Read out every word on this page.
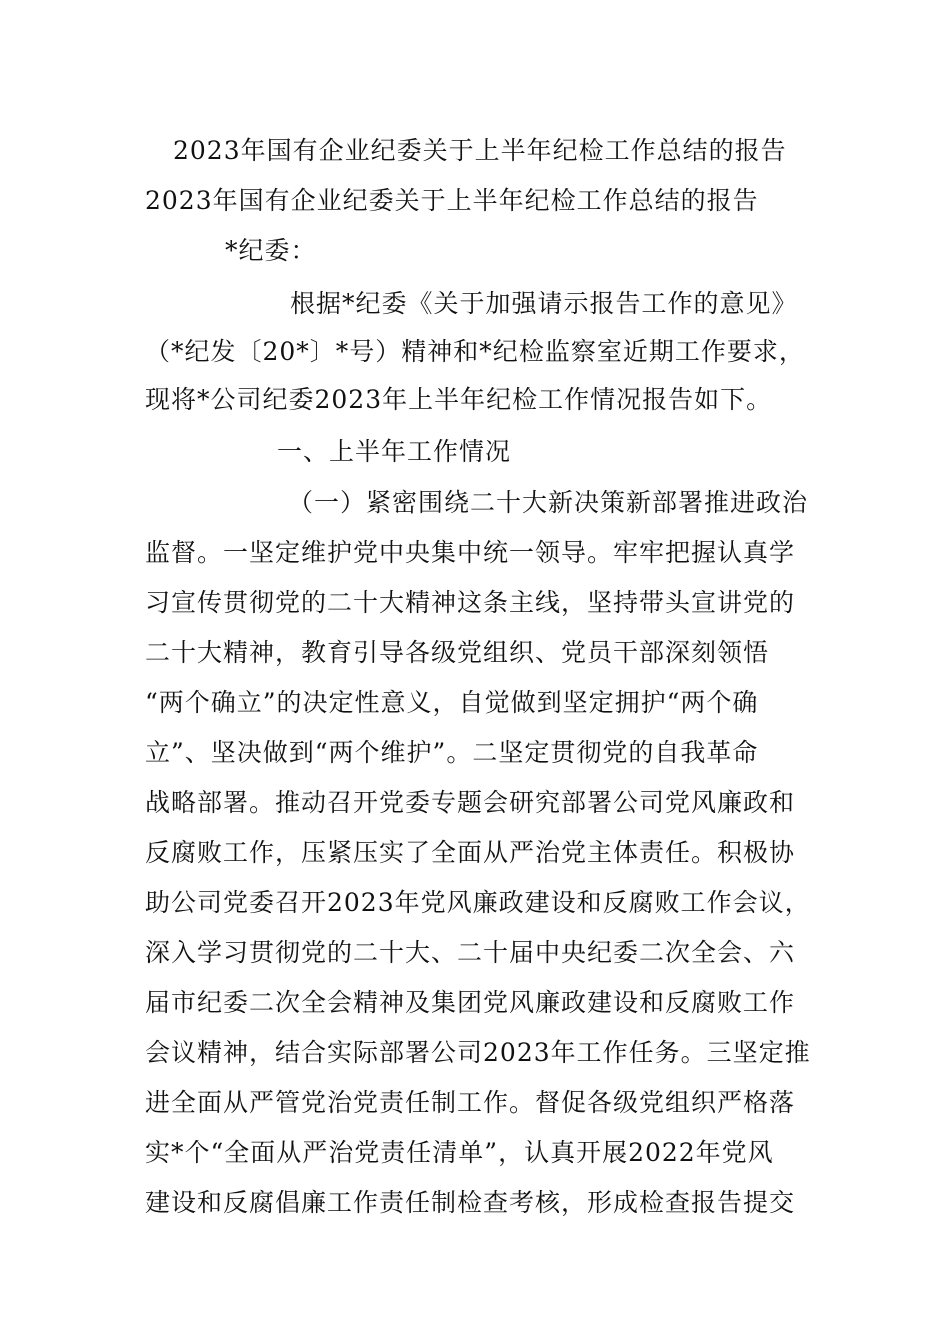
2023年国有企业纪委关于上半年纪检工作总结的报告
2023年国有企业纪委关于上半年纪检工作总结的报告
*纪委：
根据*纪委《关于加强请示报告工作的意见》
（*纪发〔20*〕*号）精神和*纪检监察室近期工作要求，
现将*公司纪委2023年上半年纪检工作情况报告如下。
一、上半年工作情况
（一）紧密围绕二十大新决策新部署推进政治
监督。一坚定维护党中央集中统一领导。牢牢把握认真学
习宣传贯彻党的二十大精神这条主线，坚持带头宣讲党的
二十大精神，教育引导各级党组织、党员干部深刻领悟
“两个确立”的决定性意义，自觉做到坚定拥护“两个确
立”、坚决做到“两个维护”。二坚定贯彻党的自我革命
战略部署。推动召开党委专题会研究部署公司党风廉政和
反腐败工作，压紧压实了全面从严治党主体责任。积极协
助公司党委召开2023年党风廉政建设和反腐败工作会议，
深入学习贯彻党的二十大、二十届中央纪委二次全会、六
届市纪委二次全会精神及集团党风廉政建设和反腐败工作
会议精神，结合实际部署公司2023年工作任务。三坚定推
进全面从严管党治党责任制工作。督促各级党组织严格落
实*个“全面从严治党责任清单”，认真开展2022年党风
建设和反腐倡廉工作责任制检查考核，形成检查报告提交
